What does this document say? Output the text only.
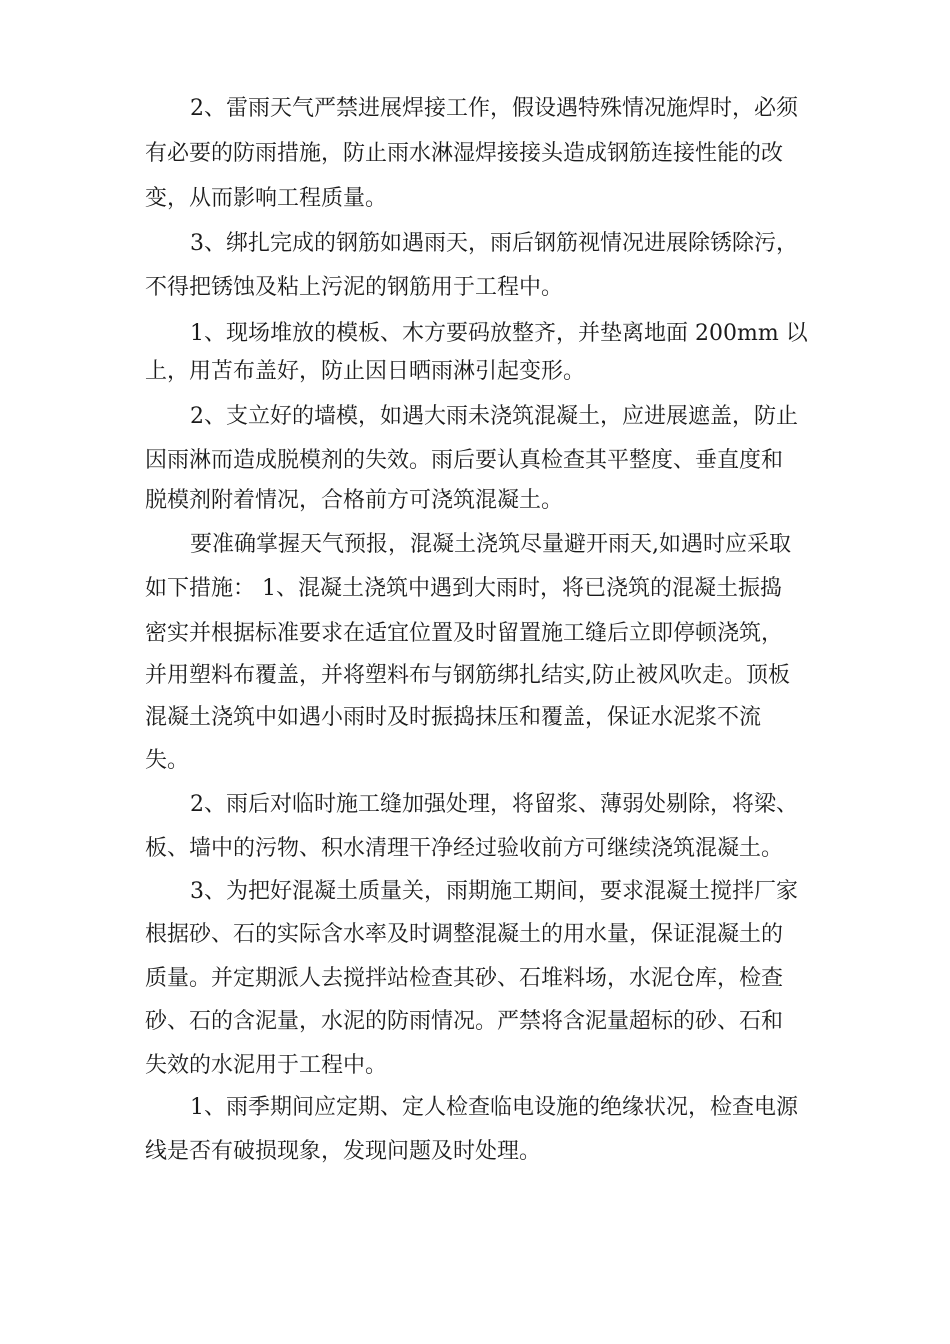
2、雷雨天气严禁进展焊接工作，假设遇特殊情况施焊时，必须
有必要的防雨措施，防止雨水淋湿焊接接头造成钢筋连接性能的改
变，从而影响工程质量。
3、绑扎完成的钢筋如遇雨天，雨后钢筋视情况进展除锈除污，
不得把锈蚀及粘上污泥的钢筋用于工程中。
1、现场堆放的模板、木方要码放整齐，并垫离地面 200mm 以
上，用苫布盖好，防止因日晒雨淋引起变形。
2、支立好的墙模，如遇大雨未浇筑混凝土，应进展遮盖，防止
因雨淋而造成脱模剂的失效。雨后要认真检查其平整度、垂直度和
脱模剂附着情况，合格前方可浇筑混凝土。
要准确掌握天气预报，混凝土浇筑尽量避开雨天,如遇时应采取
如下措施： 1、混凝土浇筑中遇到大雨时，将已浇筑的混凝土振捣
密实并根据标准要求在适宜位置及时留置施工缝后立即停顿浇筑，
并用塑料布覆盖，并将塑料布与钢筋绑扎结实,防止被风吹走。顶板
混凝土浇筑中如遇小雨时及时振捣抹压和覆盖，保证水泥浆不流
失。
2、雨后对临时施工缝加强处理，将留浆、薄弱处剔除，将梁、
板、墙中的污物、积水清理干净经过验收前方可继续浇筑混凝土。
3、为把好混凝土质量关，雨期施工期间，要求混凝土搅拌厂家
根据砂、石的实际含水率及时调整混凝土的用水量，保证混凝土的
质量。并定期派人去搅拌站检查其砂、石堆料场，水泥仓库，检查
砂、石的含泥量，水泥的防雨情况。严禁将含泥量超标的砂、石和
失效的水泥用于工程中。
1、雨季期间应定期、定人检查临电设施的绝缘状况，检查电源
线是否有破损现象，发现问题及时处理。
